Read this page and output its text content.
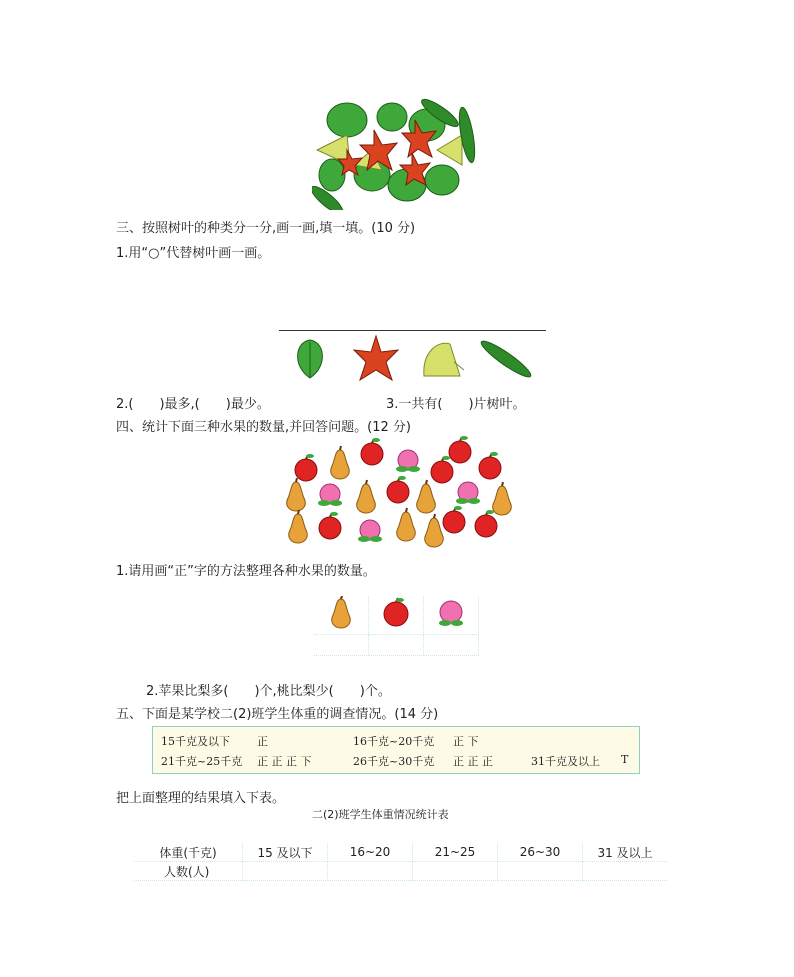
三、按照树叶的种类分一分,画一画,填一填。(10 分)
1.用“○”代替树叶画一画。
2.(　　)最多,(　　)最少。	3.一共有(　　)片树叶。
四、统计下面三种水果的数量,并回答问题。(12 分)
1.请用画“正”字的方法整理各种水果的数量。

2.苹果比梨多(　　)个,桃比梨少(　　)个。
五、下面是某学校二(2)班学生体重的调查情况。(14 分)
15千克及以下 正	16千克~20千克 正 下
21千克~25千克 正 正 正 下	26千克~30千克 正 正 正	31千克及以上 T
把上面整理的结果填入下表。
二(2)班学生体重情况统计表
体重(千克)	15 及以下	16~20	21~25	26~30	31 及以上
人数(人)					
